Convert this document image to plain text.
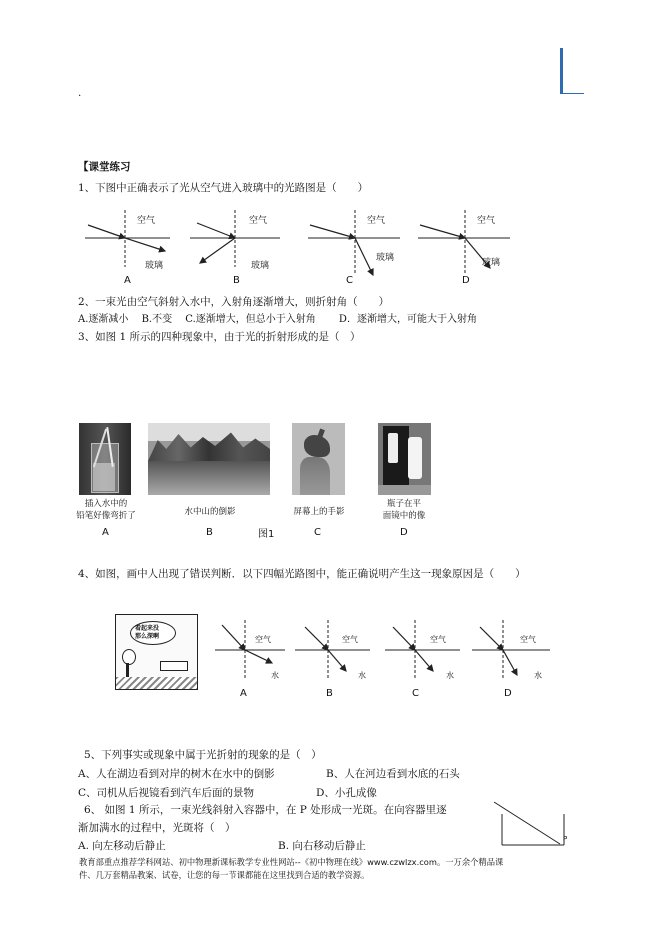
.
【课堂练习
1、下图中正确表示了光从空气进入玻璃中的光路图是（　　）
空气	空气	空气	空气
玻璃	玻璃
玻璃	玻璃
A	B	C	D
2、一束光由空气斜射入水中，入射角逐渐增大，则折射角（　　）
A.逐渐减小　 B.不变　 C.逐渐增大，但总小于入射角　　 D．逐渐增大，可能大于入射角
3、如图 1 所示的四种现象中，由于光的折射形成的是（　）
插入水中的
铅笔好像弯折了	水中山的倒影	屏幕上的手影
瓶子在平
面镜中的像
A	B	图1	C	D
4、如图，画中人出现了错误判断．以下四幅光路图中，能正确说明产生这一现象原因是（　　）
看起来没
那么深啊	空气	空气	空气	空气
水	水	水	水
A	B	C	D
5、下列事实或现象中属于光折射的现象的是（　）
A、人在湖边看到对岸的树木在水中的倒影	B、人在河边看到水底的石头
C、司机从后视镜看到汽车后面的景物	D、小孔成像
6、 如图 1 所示，一束光线斜射入容器中，在 P 处形成一光斑。在向容器里逐
渐加满水的过程中，光斑将（　）
A. 向左移动后静止	B. 向右移动后静止
P
教育部重点推荐学科网站、初中物理新课标教学专业性网站--《初中物理在线》www.czwlzx.com。一万余个精品课
件、几万套精品教案、试卷，让您的每一节课都能在这里找到合适的教学资源。
